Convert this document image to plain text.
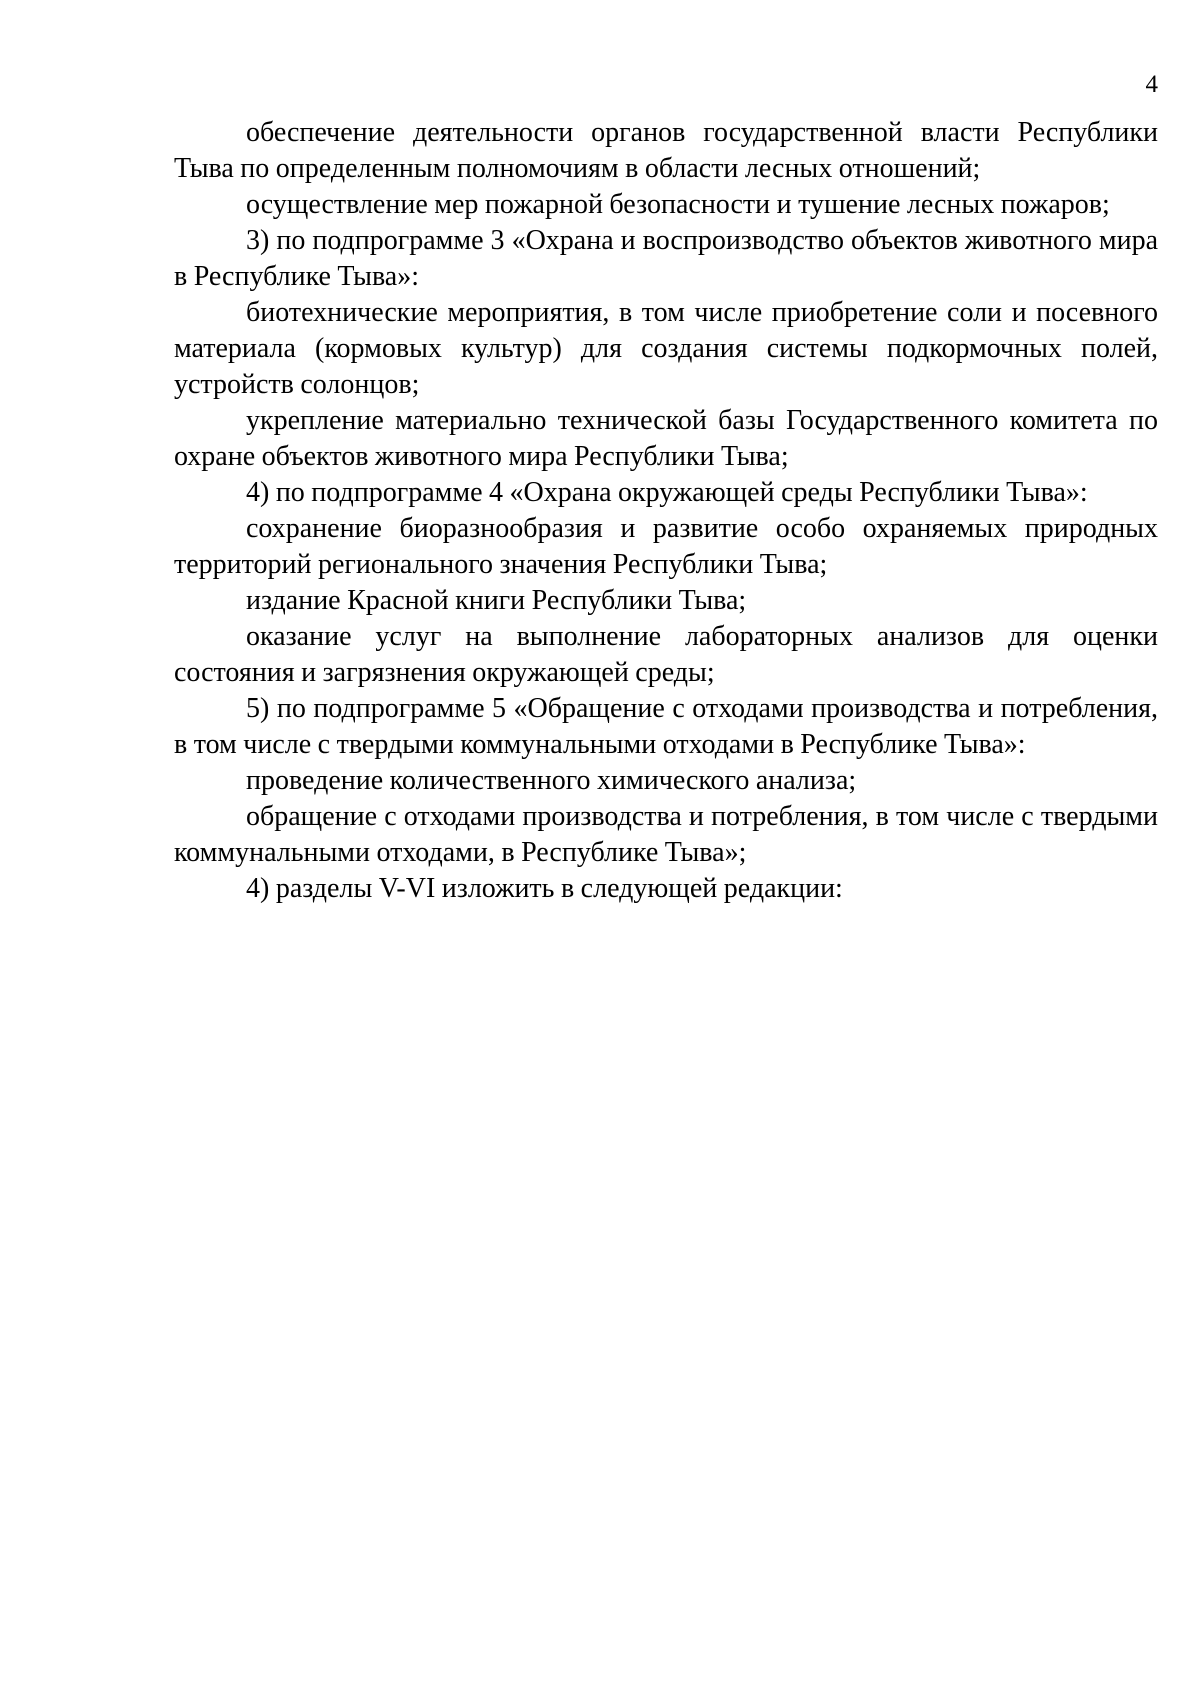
4

обеспечение деятельности органов государственной власти Республики Тыва по определенным полномочиям в области лесных отношений;

осуществление мер пожарной безопасности и тушение лесных пожаров;

3) по подпрограмме 3 «Охрана и воспроизводство объектов животного мира в Республике Тыва»:

биотехнические мероприятия, в том числе приобретение соли и посевного материала (кормовых культур) для создания системы подкормочных полей, устройств солонцов;

укрепление материально технической базы Государственного комитета по охране объектов животного мира Республики Тыва;

4) по подпрограмме 4 «Охрана окружающей среды Республики Тыва»:

сохранение биоразнообразия и развитие особо охраняемых природных территорий регионального значения Республики Тыва;

издание Красной книги Республики Тыва;

оказание услуг на выполнение лабораторных анализов для оценки состояния и загрязнения окружающей среды;

5) по подпрограмме 5 «Обращение с отходами производства и потребления, в том числе с твердыми коммунальными отходами в Республике Тыва»:

проведение количественного химического анализа;

обращение с отходами производства и потребления, в том числе с твердыми коммунальными отходами, в Республике Тыва»;

4) разделы V-VI изложить в следующей редакции:
